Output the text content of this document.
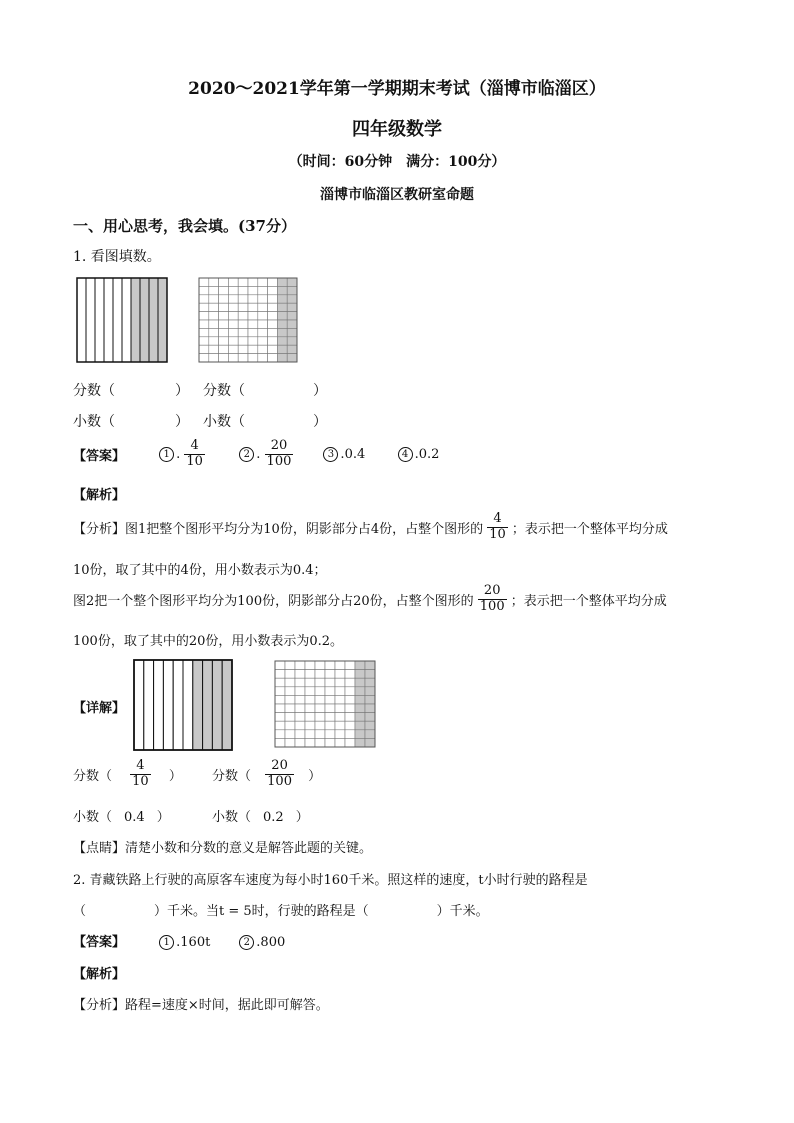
2020～2021学年第一学期期末考试（淄博市临淄区）
四年级数学
（时间：60分钟　满分：100分）
淄博市临淄区教研室命题
一、用心思考，我会填。(37分）
1. 看图填数。
分数（	） 分数（	）
小数（	） 小数（	）
【答案】	1 . $\frac{4}{10}$	2 . $\frac{20}{100}$	3 .0.4	4 .0.2
【解析】
【分析】图1把整个图形平均分为10份，阴影部分占4份，占整个图形的 $\frac{4}{10}$ ；表示把一个整体平均分成
10份，取了其中的4份，用小数表示为0.4；
图2把一个整个图形平均分为100份，阴影部分占20份，占整个图形的 $\frac{20}{100}$ ；表示把一个整体平均分成
100份，取了其中的20份，用小数表示为0.2。
【详解】
分数（ $\frac{4}{10}$ ） 分数（ $\frac{20}{100}$ ）
小数（ 0.4 ）	小数（ 0.2 ）
【点睛】清楚小数和分数的意义是解答此题的关键。
2. 青藏铁路上行驶的高原客车速度为每小时160千米。照这样的速度，t小时行驶的路程是
（	）千米。当t = 5时，行驶的路程是（	）千米。
【答案】	1 .160t	2 .800
【解析】
【分析】路程=速度×时间，据此即可解答。
